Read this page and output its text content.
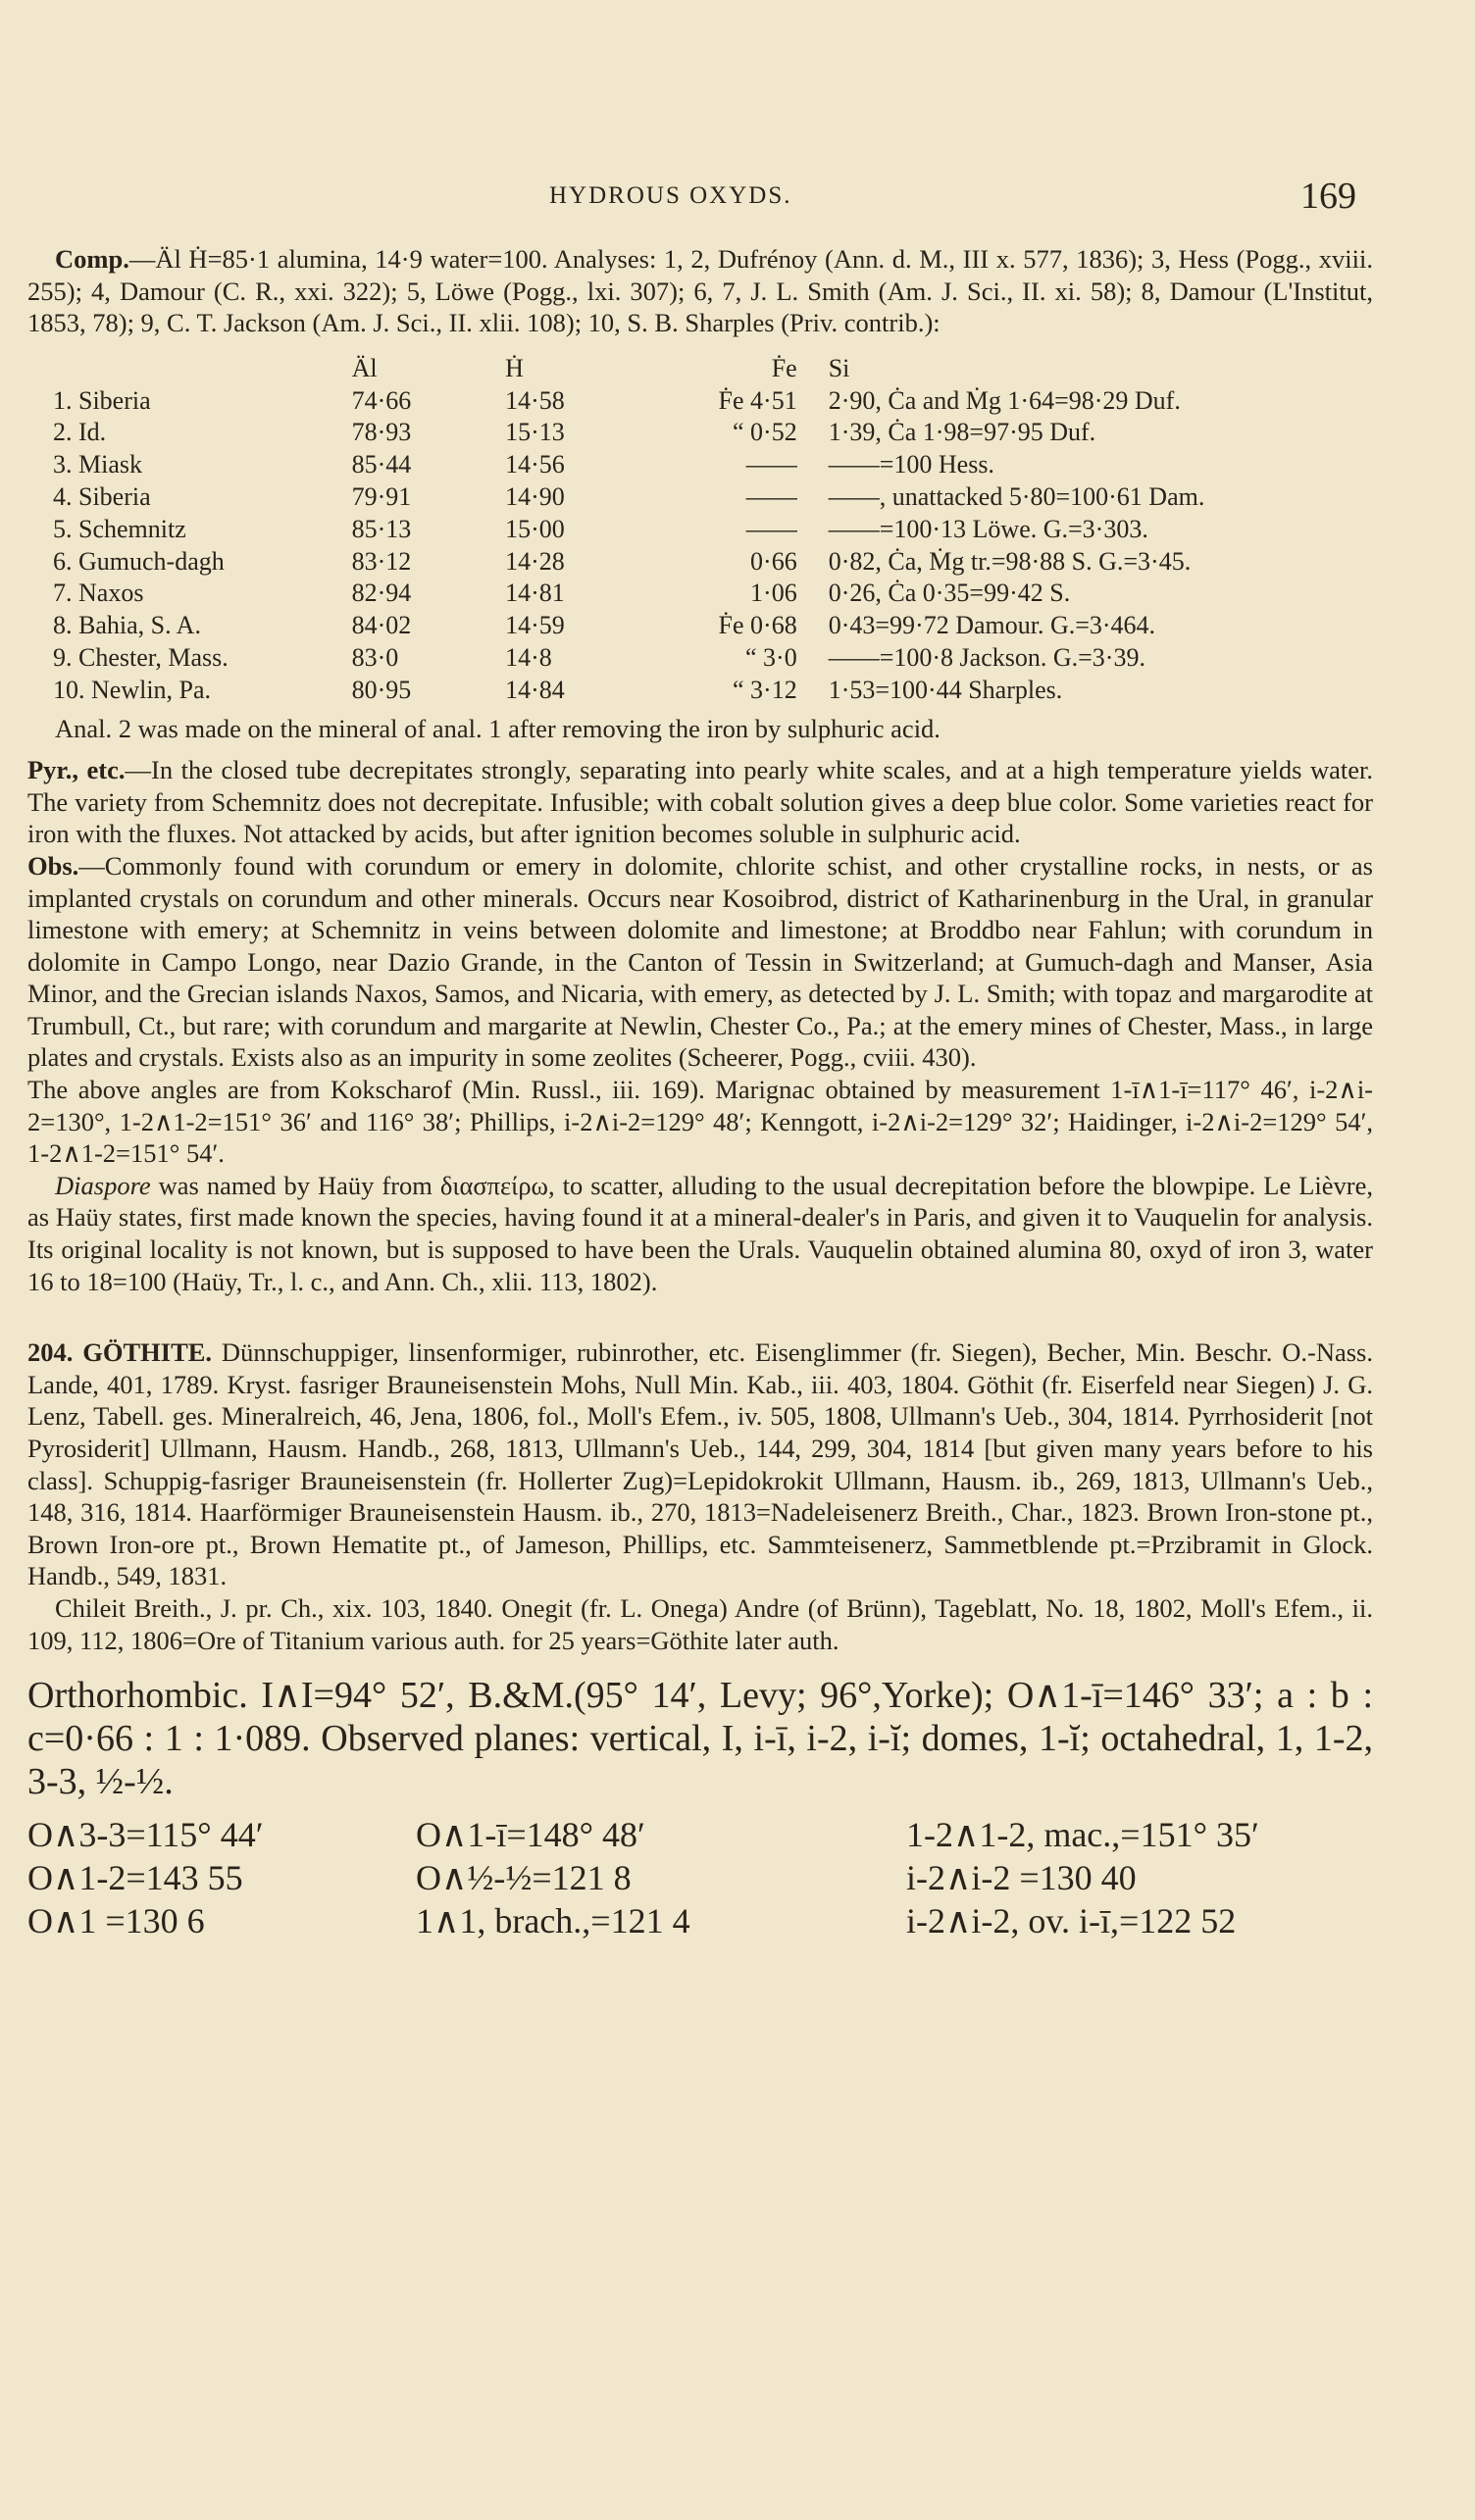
HYDROUS OXYDS.	169

Comp.—Äl Ḣ=85·1 alumina, 14·9 water=100. Analyses: 1, 2, Dufrénoy (Ann. d. M., III x. 577, 1836); 3, Hess (Pogg., xviii. 255); 4, Damour (C. R., xxi. 322); 5, Löwe (Pogg., lxi. 307); 6, 7, J. L. Smith (Am. J. Sci., II. xi. 58); 8, Damour (L'Institut, 1853, 78); 9, C. T. Jackson (Am. J. Sci., II. xlii. 108); 10, S. B. Sharples (Priv. contrib.):

	Äl	Ḣ	Ḟe	Si
1. Siberia	74·66	14·58	Ḟe 4·51	2·90, Ċa and Ṁg 1·64=98·29 Duf.
2. Id.	78·93	15·13	“ 0·52	1·39, Ċa 1·98=97·95 Duf.
3. Miask	85·44	14·56	——	——=100 Hess.
4. Siberia	79·91	14·90	——	——, unattacked 5·80=100·61 Dam.
5. Schemnitz	85·13	15·00	——	——=100·13 Löwe. G.=3·303.
6. Gumuch-dagh	83·12	14·28	0·66	0·82, Ċa, Ṁg tr.=98·88 S. G.=3·45.
7. Naxos	82·94	14·81	1·06	0·26, Ċa 0·35=99·42 S.
8. Bahia, S. A.	84·02	14·59	Ḟe 0·68	0·43=99·72 Damour. G.=3·464.
9. Chester, Mass.	83·0	14·8	“ 3·0	——=100·8 Jackson. G.=3·39.
10. Newlin, Pa.	80·95	14·84	“ 3·12	1·53=100·44 Sharples.

Anal. 2 was made on the mineral of anal. 1 after removing the iron by sulphuric acid.

Pyr., etc.—In the closed tube decrepitates strongly, separating into pearly white scales, and at a high temperature yields water. The variety from Schemnitz does not decrepitate. Infusible; with cobalt solution gives a deep blue color. Some varieties react for iron with the fluxes. Not attacked by acids, but after ignition becomes soluble in sulphuric acid.

Obs.—Commonly found with corundum or emery in dolomite, chlorite schist, and other crystalline rocks, in nests, or as implanted crystals on corundum and other minerals. Occurs near Kosoibrod, district of Katharinenburg in the Ural, in granular limestone with emery; at Schemnitz in veins between dolomite and limestone; at Broddbo near Fahlun; with corundum in dolomite in Campo Longo, near Dazio Grande, in the Canton of Tessin in Switzerland; at Gumuch-dagh and Manser, Asia Minor, and the Grecian islands Naxos, Samos, and Nicaria, with emery, as detected by J. L. Smith; with topaz and margarodite at Trumbull, Ct., but rare; with corundum and margarite at Newlin, Chester Co., Pa.; at the emery mines of Chester, Mass., in large plates and crystals. Exists also as an impurity in some zeolites (Scheerer, Pogg., cviii. 430).

The above angles are from Kokscharof (Min. Russl., iii. 169). Marignac obtained by measurement 1-ī∧1-ī=117° 46′, i-2∧i-2=130°, 1-2∧1-2=151° 36′ and 116° 38′; Phillips, i-2∧i-2=129° 48′; Kenngott, i-2∧i-2=129° 32′; Haidinger, i-2∧i-2=129° 54′, 1-2∧1-2=151° 54′.

Diaspore was named by Haüy from διασπείρω, to scatter, alluding to the usual decrepitation before the blowpipe. Le Lièvre, as Haüy states, first made known the species, having found it at a mineral-dealer's in Paris, and given it to Vauquelin for analysis. Its original locality is not known, but is supposed to have been the Urals. Vauquelin obtained alumina 80, oxyd of iron 3, water 16 to 18=100 (Haüy, Tr., l. c., and Ann. Ch., xlii. 113, 1802).

204. GÖTHITE. Dünnschuppiger, linsenformiger, rubinrother, etc. Eisenglimmer (fr. Siegen), Becher, Min. Beschr. O.-Nass. Lande, 401, 1789. Kryst. fasriger Brauneisenstein Mohs, Null Min. Kab., iii. 403, 1804. Göthit (fr. Eiserfeld near Siegen) J. G. Lenz, Tabell. ges. Mineralreich, 46, Jena, 1806, fol., Moll's Efem., iv. 505, 1808, Ullmann's Ueb., 304, 1814. Pyrrhosiderit [not Pyrosiderit] Ullmann, Hausm. Handb., 268, 1813, Ullmann's Ueb., 144, 299, 304, 1814 [but given many years before to his class]. Schuppig-fasriger Brauneisenstein (fr. Hollerter Zug)=Lepidokrokit Ullmann, Hausm. ib., 269, 1813, Ullmann's Ueb., 148, 316, 1814. Haarförmiger Brauneisenstein Hausm. ib., 270, 1813=Nadeleisenerz Breith., Char., 1823. Brown Iron-stone pt., Brown Iron-ore pt., Brown Hematite pt., of Jameson, Phillips, etc. Sammteisenerz, Sammetblende pt.=Przibramit in Glock. Handb., 549, 1831.

Chileit Breith., J. pr. Ch., xix. 103, 1840. Onegit (fr. L. Onega) Andre (of Brünn), Tageblatt, No. 18, 1802, Moll's Efem., ii. 109, 112, 1806=Ore of Titanium various auth. for 25 years=Göthite later auth.

Orthorhombic. I∧I=94° 52′, B.&M.(95° 14′, Levy; 96°,Yorke); O∧1-ī=146° 33′; a : b : c=0·66 : 1 : 1·089. Observed planes: vertical, I, i-ī, i-2, i-ĭ; domes, 1-ĭ; octahedral, 1, 1-2, 3-3, ½-½.

O∧3-3=115° 44′	O∧1-ī=148° 48′	1-2∧1-2, mac.,=151° 35′
O∧1-2=143 55	O∧½-½=121 8	i-2∧i-2 =130 40
O∧1 =130 6	1∧1, brach.,=121 4	i-2∧i-2, ov. i-ī,=122 52
